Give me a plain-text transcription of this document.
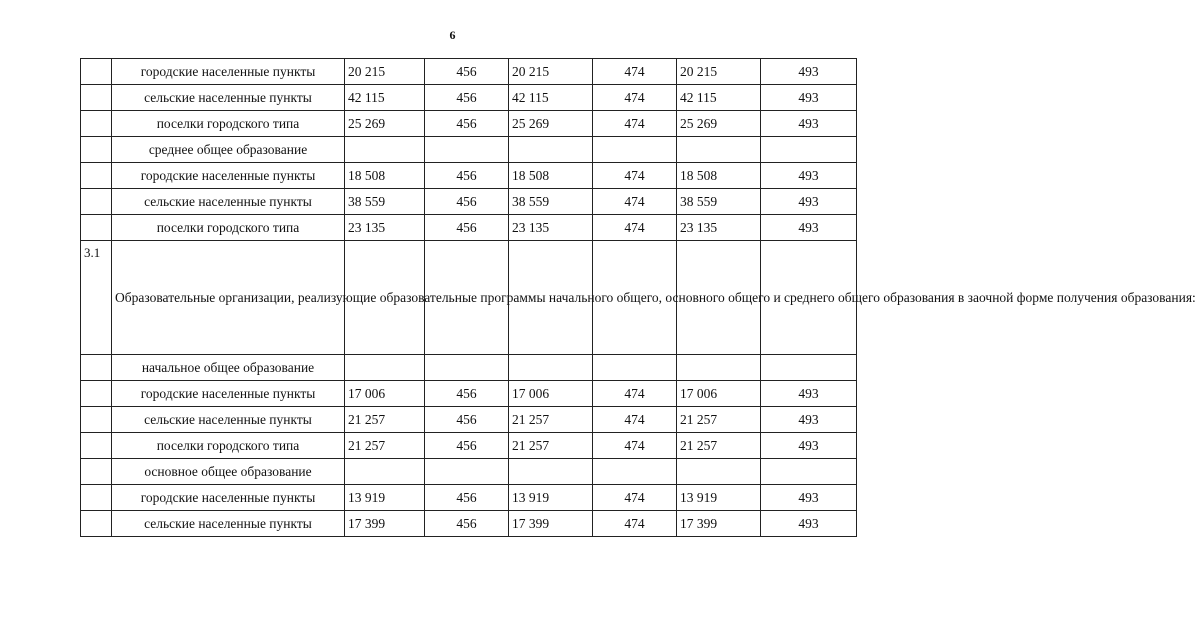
6
	городские населенные пункты	20 215	456	20 215	474	20 215	493
	сельские населенные пункты	42 115	456	42 115	474	42 115	493
	поселки городского типа	25 269	456	25 269	474	25 269	493
	среднее общее образование						
	городские населенные пункты	18 508	456	18 508	474	18 508	493
	сельские населенные пункты	38 559	456	38 559	474	38 559	493
	поселки городского типа	23 135	456	23 135	474	23 135	493
3.1	Образовательные организации, реализующие образовательные программы начального общего, основного общего и среднего общего образования в заочной форме получения образования:						
	начальное общее образование						
	городские населенные пункты	17 006	456	17 006	474	17 006	493
	сельские населенные пункты	21 257	456	21 257	474	21 257	493
	поселки городского типа	21 257	456	21 257	474	21 257	493
	основное общее образование						
	городские населенные пункты	13 919	456	13 919	474	13 919	493
	сельские населенные пункты	17 399	456	17 399	474	17 399	493
